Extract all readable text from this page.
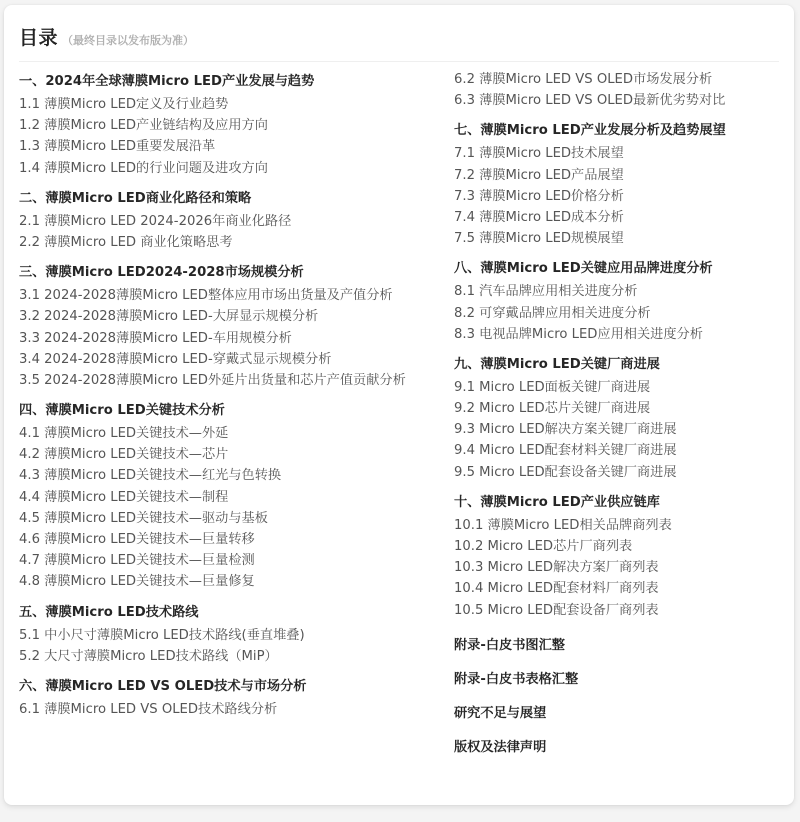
目录 （最终目录以发布版为准）
一、2024年全球薄膜Micro LED产业发展与趋势
1.1 薄膜Micro LED定义及行业趋势
1.2 薄膜Micro LED产业链结构及应用方向
1.3 薄膜Micro LED重要发展沿革
1.4 薄膜Micro LED的行业问题及进攻方向
二、薄膜Micro LED商业化路径和策略
2.1 薄膜Micro LED 2024-2026年商业化路径
2.2 薄膜Micro LED 商业化策略思考
三、薄膜Micro LED2024-2028市场规模分析
3.1 2024-2028薄膜Micro LED整体应用市场出货量及产值分析
3.2 2024-2028薄膜Micro LED-大屏显示规模分析
3.3 2024-2028薄膜Micro LED-车用规模分析
3.4 2024-2028薄膜Micro LED-穿戴式显示规模分析
3.5 2024-2028薄膜Micro LED外延片出货量和芯片产值贡献分析
四、薄膜Micro LED关键技术分析
4.1 薄膜Micro LED关键技术—外延
4.2 薄膜Micro LED关键技术—芯片
4.3 薄膜Micro LED关键技术—红光与色转换
4.4 薄膜Micro LED关键技术—制程
4.5 薄膜Micro LED关键技术—驱动与基板
4.6 薄膜Micro LED关键技术—巨量转移
4.7 薄膜Micro LED关键技术—巨量检测
4.8 薄膜Micro LED关键技术—巨量修复
五、薄膜Micro LED技术路线
5.1 中小尺寸薄膜Micro LED技术路线(垂直堆叠)
5.2 大尺寸薄膜Micro LED技术路线（MiP）
六、薄膜Micro LED VS OLED技术与市场分析
6.1 薄膜Micro LED VS OLED技术路线分析
6.2 薄膜Micro LED VS OLED市场发展分析
6.3 薄膜Micro LED VS OLED最新优劣势对比
七、薄膜Micro LED产业发展分析及趋势展望
7.1 薄膜Micro LED技术展望
7.2 薄膜Micro LED产品展望
7.3 薄膜Micro LED价格分析
7.4 薄膜Micro LED成本分析
7.5 薄膜Micro LED规模展望
八、薄膜Micro LED关键应用品牌进度分析
8.1 汽车品牌应用相关进度分析
8.2 可穿戴品牌应用相关进度分析
8.3 电视品牌Micro LED应用相关进度分析
九、薄膜Micro LED关键厂商进展
9.1 Micro LED面板关键厂商进展
9.2 Micro LED芯片关键厂商进展
9.3 Micro LED解决方案关键厂商进展
9.4 Micro LED配套材料关键厂商进展
9.5 Micro LED配套设备关键厂商进展
十、薄膜Micro LED产业供应链库
10.1 薄膜Micro LED相关品牌商列表
10.2 Micro LED芯片厂商列表
10.3 Micro LED解决方案厂商列表
10.4 Micro LED配套材料厂商列表
10.5 Micro LED配套设备厂商列表
附录-白皮书图汇整
附录-白皮书表格汇整
研究不足与展望
版权及法律声明
